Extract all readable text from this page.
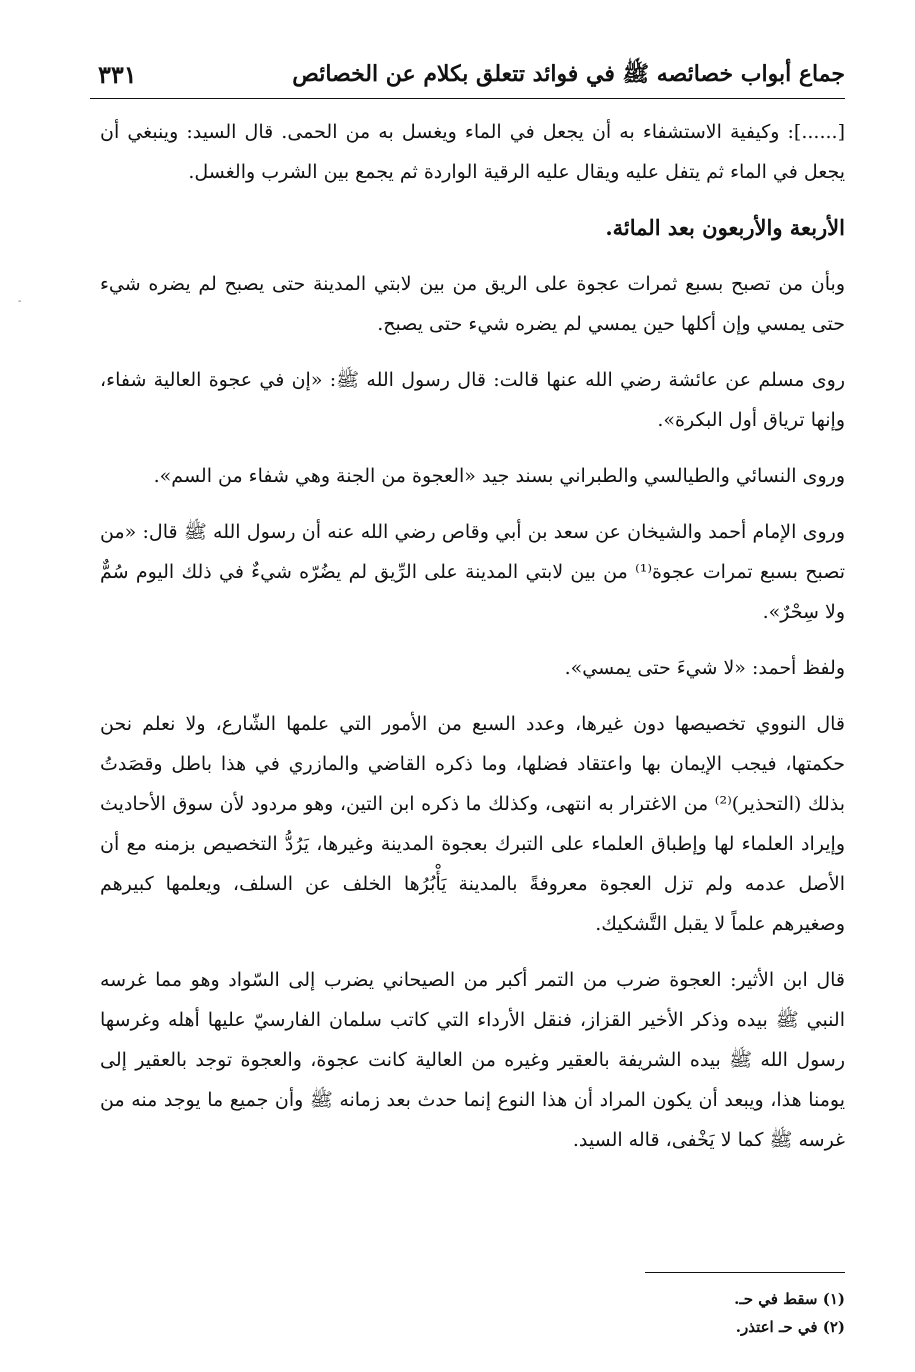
جماع أبواب خصائصه ﷺ في فوائد تتعلق بكلام عن الخصائص
٣٣١

[......]: وكيفية الاستشفاء به أن يجعل في الماء ويغسل به من الحمى. قال السيد: وينبغي أن يجعل في الماء ثم يتفل عليه ويقال عليه الرقية الواردة ثم يجمع بين الشرب والغسل.

الأربعة والأربعون بعد المائة.

وبأن من تصبح بسبع ثمرات عجوة على الريق من بين لابتي المدينة حتى يصبح لم يضره شيء حتى يمسي وإن أكلها حين يمسي لم يضره شيء حتى يصبح.

روى مسلم عن عائشة رضي الله عنها قالت: قال رسول الله ﷺ: «إن في عجوة العالية شفاء، وإنها ترياق أول البكرة».

وروى النسائي والطيالسي والطبراني بسند جيد «العجوة من الجنة وهي شفاء من السم».

وروى الإمام أحمد والشيخان عن سعد بن أبي وقاص رضي الله عنه أن رسول الله ﷺ قال: «من تصبح بسبع تمرات عجوة⁽¹⁾ من بين لابتي المدينة على الرِّيق لم يضُرّه شيءٌ في ذلك اليوم سُمٌّ ولا سِحْرٌ».

ولفظ أحمد: «لا شيءَ حتى يمسي».

قال النووي تخصيصها دون غيرها، وعدد السبع من الأمور التي علمها الشّارع، ولا نعلم نحن حكمتها، فيجب الإيمان بها واعتقاد فضلها، وما ذكره القاضي والمازري في هذا باطل وقصَدتُ بذلك (التحذير)⁽²⁾ من الاغترار به انتهى، وكذلك ما ذكره ابن التين، وهو مردود لأن سوق الأحاديث وإيراد العلماء لها وإطباق العلماء على التبرك بعجوة المدينة وغيرها، يَرُدُّ التخصيص بزمنه مع أن الأصل عدمه ولم تزل العجوة معروفةً بالمدينة يَأْبُرُها الخلف عن السلف، ويعلمها كبيرهم وصغيرهم علماً لا يقبل التَّشكيك.

قال ابن الأثير: العجوة ضرب من التمر أكبر من الصيحاني يضرب إلى السّواد وهو مما غرسه النبي ﷺ بيده وذكر الأخير القزاز، فنقل الأرداء التي كاتب سلمان الفارسيّ عليها أهله وغرسها رسول الله ﷺ بيده الشريفة بالعقير وغيره من العالية كانت عجوة، والعجوة توجد بالعقير إلى يومنا هذا، ويبعد أن يكون المراد أن هذا النوع إنما حدث بعد زمانه ﷺ وأن جميع ما يوجد منه من غرسه ﷺ كما لا يَخْفى، قاله السيد.

(١) سقط في حـ.
(٢) في حـ اعتذر.
-
